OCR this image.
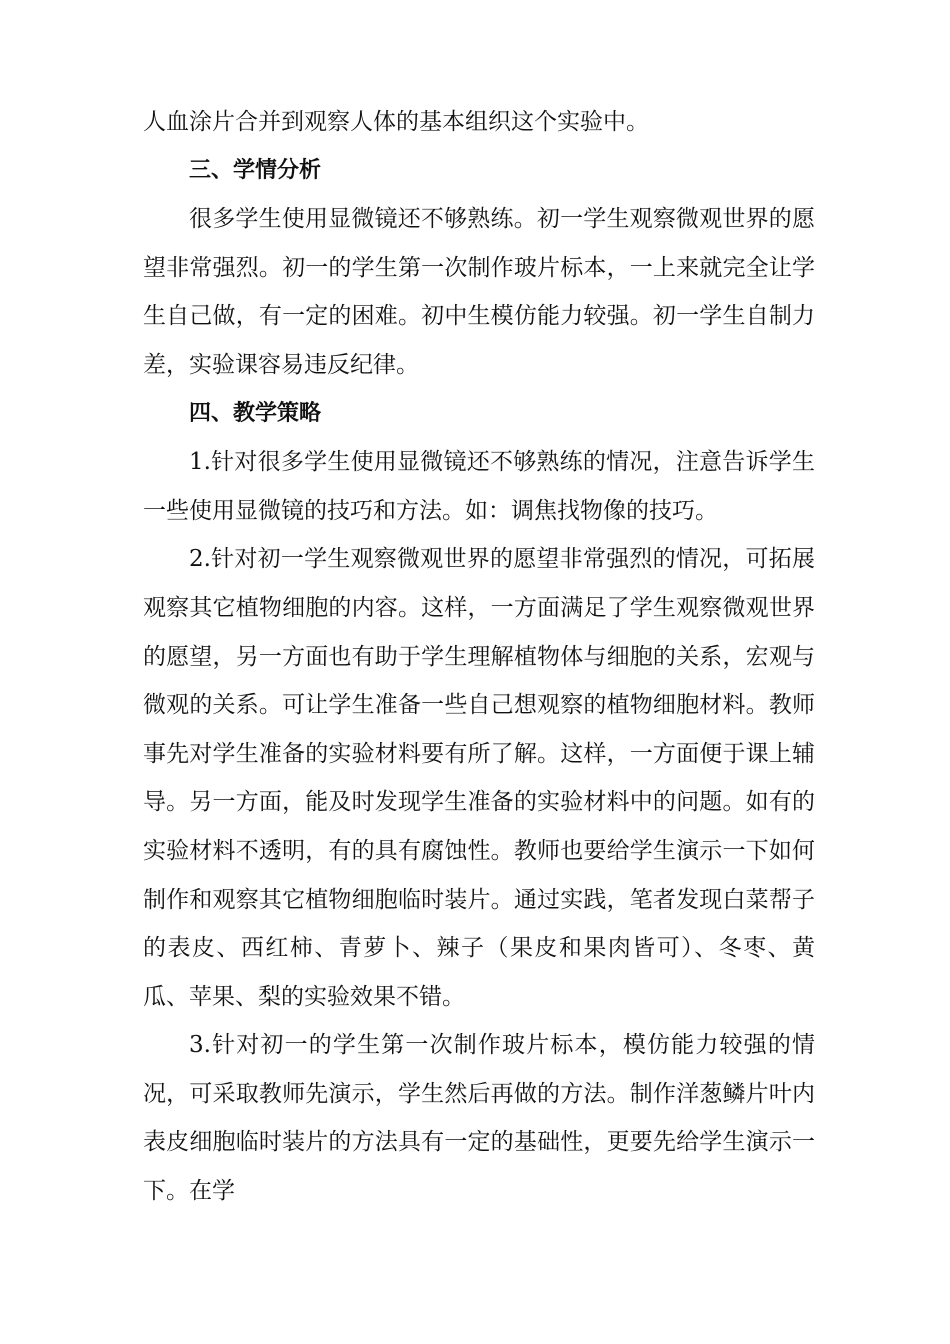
人血涂片合并到观察人体的基本组织这个实验中。

三、学情分析

很多学生使用显微镜还不够熟练。初一学生观察微观世界的愿望非常强烈。初一的学生第一次制作玻片标本，一上来就完全让学生自己做，有一定的困难。初中生模仿能力较强。初一学生自制力差，实验课容易违反纪律。

四、教学策略

1.针对很多学生使用显微镜还不够熟练的情况，注意告诉学生一些使用显微镜的技巧和方法。如：调焦找物像的技巧。

2.针对初一学生观察微观世界的愿望非常强烈的情况，可拓展观察其它植物细胞的内容。这样，一方面满足了学生观察微观世界的愿望，另一方面也有助于学生理解植物体与细胞的关系，宏观与微观的关系。可让学生准备一些自己想观察的植物细胞材料。教师事先对学生准备的实验材料要有所了解。这样，一方面便于课上辅导。另一方面，能及时发现学生准备的实验材料中的问题。如有的实验材料不透明，有的具有腐蚀性。教师也要给学生演示一下如何制作和观察其它植物细胞临时装片。通过实践，笔者发现白菜帮子的表皮、西红柿、青萝卜、辣子（果皮和果肉皆可）、冬枣、黄瓜、苹果、梨的实验效果不错。

3.针对初一的学生第一次制作玻片标本，模仿能力较强的情况，可采取教师先演示，学生然后再做的方法。制作洋葱鳞片叶内表皮细胞临时装片的方法具有一定的基础性，更要先给学生演示一下。在学
